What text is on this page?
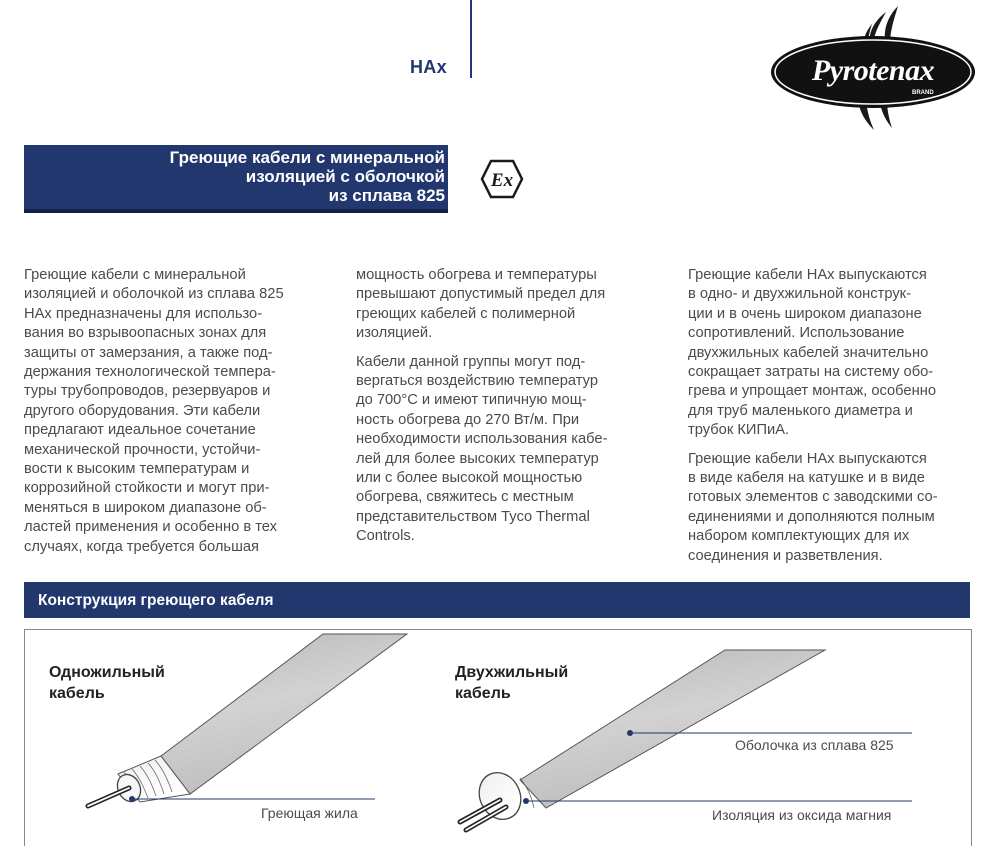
HAx	Pyrotenax
BRAND
Греющие кабели с минеральной
изоляцией с оболочкой
из сплава 825
Ex

Греющие кабели с минеральной
изоляцией и оболочкой из сплава 825
HAx предназначены для использо-
вания во взрывоопасных зонах для
защиты от замерзания, а также под-
держания технологической темпера-
туры трубопроводов, резервуаров и
другого оборудования. Эти кабели
предлагают идеальное сочетание
механической прочности, устойчи-
вости к высоким температурам и
коррозийной стойкости и могут при-
меняться в широком диапазоне об-
ластей применения и особенно в тех
случаях, когда требуется большая

мощность обогрева и температуры
превышают допустимый предел для
греющих кабелей с полимерной
изоляцией.

Кабели данной группы могут под-
вергаться воздействию температур
до 700°С и имеют типичную мощ-
ность обогрева до 270 Вт/м. При
необходимости использования кабе-
лей для более высоких температур
или с более высокой мощностью
обогрева, свяжитесь с местным
представительством Tyco Thermal
Controls.

Греющие кабели HAx выпускаются
в одно- и двухжильной конструк-
ции и в очень широком диапазоне
сопротивлений. Использование
двухжильных кабелей значительно
сокращает затраты на систему обо-
грева и упрощает монтаж, особенно
для труб маленького диаметра и
трубок КИПиА.

Греющие кабели HAx выпускаются
в виде кабеля на катушке и в виде
готовых элементов с заводскими со-
единениями и дополняются полным
набором комплектующих для их
соединения и разветвления.

Конструкция греющего кабеля
Одножильный
кабель
Двухжильный
кабель
Греющая жила
Оболочка из сплава 825
Изоляция из оксида магния
